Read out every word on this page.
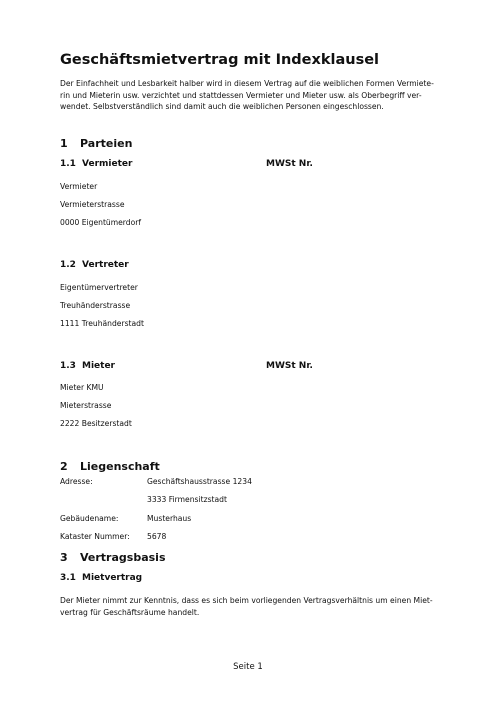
Geschäftsmietvertrag mit Indexklausel
Der Einfachheit und Lesbarkeit halber wird in diesem Vertrag auf die weiblichen Formen Vermiete-
rin und Mieterin usw. verzichtet und stattdessen Vermieter und Mieter usw. als Oberbegriff ver-
wendet. Selbstverständlich sind damit auch die weiblichen Personen eingeschlossen.
1 Parteien
1.1 Vermieter	MWSt Nr.
Vermieter
Vermieterstrasse
0000 Eigentümerdorf
1.2 Vertreter
Eigentümervertreter
Treuhänderstrasse
1111 Treuhänderstadt
1.3 Mieter	MWSt Nr.
Mieter KMU
Mieterstrasse
2222 Besitzerstadt
2 Liegenschaft
Adresse:	Geschäftshausstrasse 1234
3333 Firmensitzstadt
Gebäudename:	Musterhaus
Kataster Nummer: 5678
3 Vertragsbasis
3.1 Mietvertrag
Der Mieter nimmt zur Kenntnis, dass es sich beim vorliegenden Vertragsverhältnis um einen Miet-
vertrag für Geschäftsräume handelt.
Seite 1
